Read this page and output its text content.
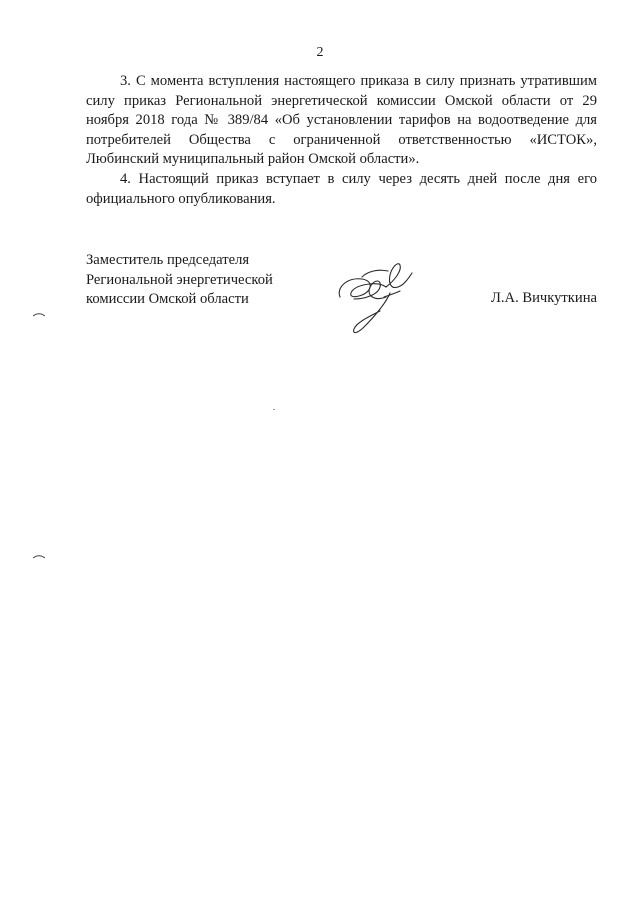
2

3. С момента вступления настоящего приказа в силу признать утратившим силу приказ Региональной энергетической комиссии Омской области от 29 ноября 2018 года № 389/84 «Об установлении тарифов на водоотведение для потребителей Общества с ограниченной ответственностью «ИСТОК», Любинский муниципальный район Омской области».

4. Настоящий приказ вступает в силу через десять дней после дня его официального опубликования.

Заместитель председателя
Региональной энергетической
комиссии Омской области	Л.А. Вичкуткина
